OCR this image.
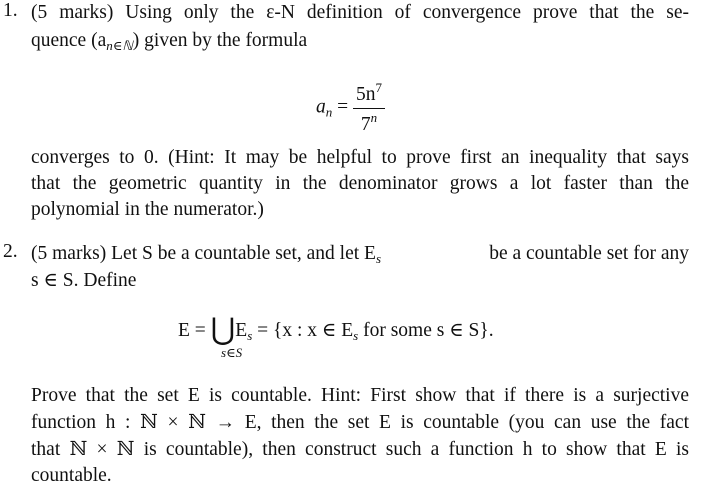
1. (5 marks) Using only the ε-N definition of convergence prove that the se-
quence $(a_{n\in ℕ})$ given by the formula
$a_n = \frac{5n^7}{7^n}$
converges to 0. (Hint: It may be helpful to prove first an inequality that says
that the geometric quantity in the denominator grows a lot faster than the
polynomial in the numerator.)
2. (5 marks) Let S be a countable set, and let $E_s$	be a countable set for any
s ∈ S. Define
$E = ⋃E_s = \{x$ : x ∈ $E_s$ for some s ∈ S}.
s∈S
Prove that the set E is countable. Hint: First show that if there is a surjective
function h : ℕ × ℕ → E, then the set E is countable (you can use the fact
that ℕ × ℕ is countable), then construct such a function h to show that E is
countable.
